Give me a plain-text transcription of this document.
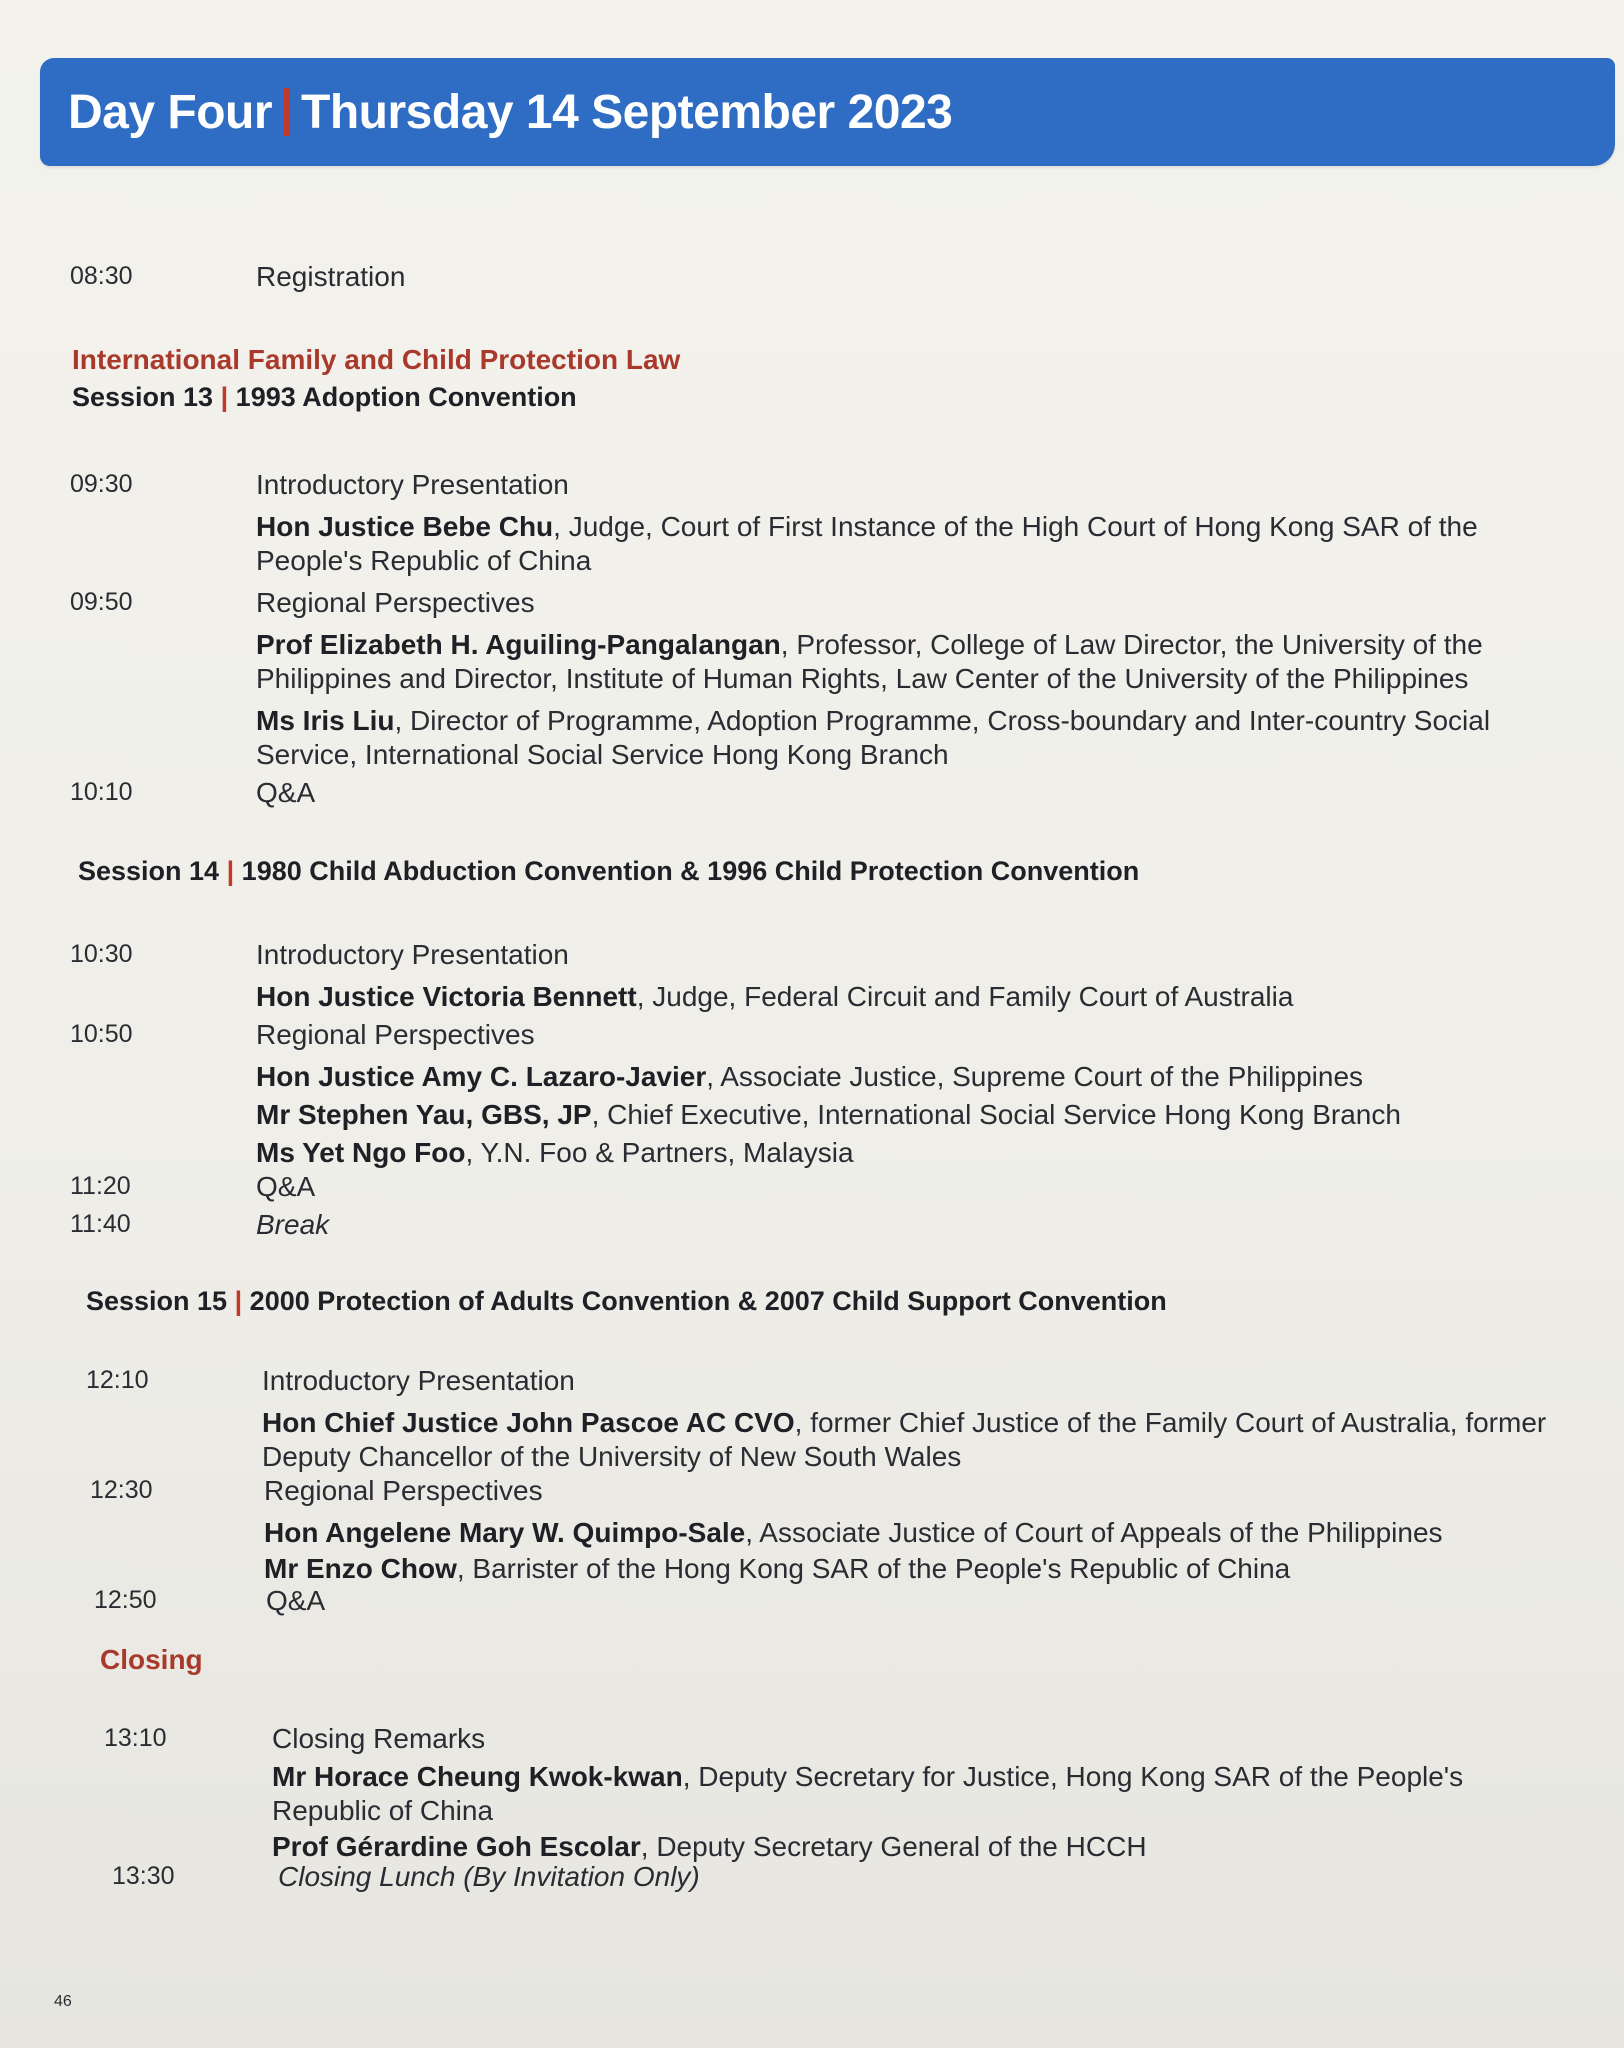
Day Four Thursday 14 September 2023
08:30	Registration
International Family and Child Protection Law
Session 13 | 1993 Adoption Convention
09:30	Introductory Presentation
Hon Justice Bebe Chu, Judge, Court of First Instance of the High Court of Hong Kong SAR of the People's Republic of China
09:50	Regional Perspectives
Prof Elizabeth H. Aguiling-Pangalangan, Professor, College of Law Director, the University of the Philippines and Director, Institute of Human Rights, Law Center of the University of the Philippines
Ms Iris Liu, Director of Programme, Adoption Programme, Cross-boundary and Inter-country Social Service, International Social Service Hong Kong Branch
10:10	Q&A
Session 14 | 1980 Child Abduction Convention & 1996 Child Protection Convention
10:30	Introductory Presentation
Hon Justice Victoria Bennett, Judge, Federal Circuit and Family Court of Australia
10:50	Regional Perspectives
Hon Justice Amy C. Lazaro-Javier, Associate Justice, Supreme Court of the Philippines
Mr Stephen Yau, GBS, JP, Chief Executive, International Social Service Hong Kong Branch
Ms Yet Ngo Foo, Y.N. Foo & Partners, Malaysia
11:20	Q&A
11:40	Break
Session 15 | 2000 Protection of Adults Convention & 2007 Child Support Convention
12:10	Introductory Presentation
Hon Chief Justice John Pascoe AC CVO, former Chief Justice of the Family Court of Australia, former Deputy Chancellor of the University of New South Wales
12:30	Regional Perspectives
Hon Angelene Mary W. Quimpo-Sale, Associate Justice of Court of Appeals of the Philippines
Mr Enzo Chow, Barrister of the Hong Kong SAR of the People's Republic of China
12:50	Q&A
Closing
13:10	Closing Remarks
Mr Horace Cheung Kwok-kwan, Deputy Secretary for Justice, Hong Kong SAR of the People's Republic of China
Prof Gérardine Goh Escolar, Deputy Secretary General of the HCCH
13:30	Closing Lunch (By Invitation Only)
46
